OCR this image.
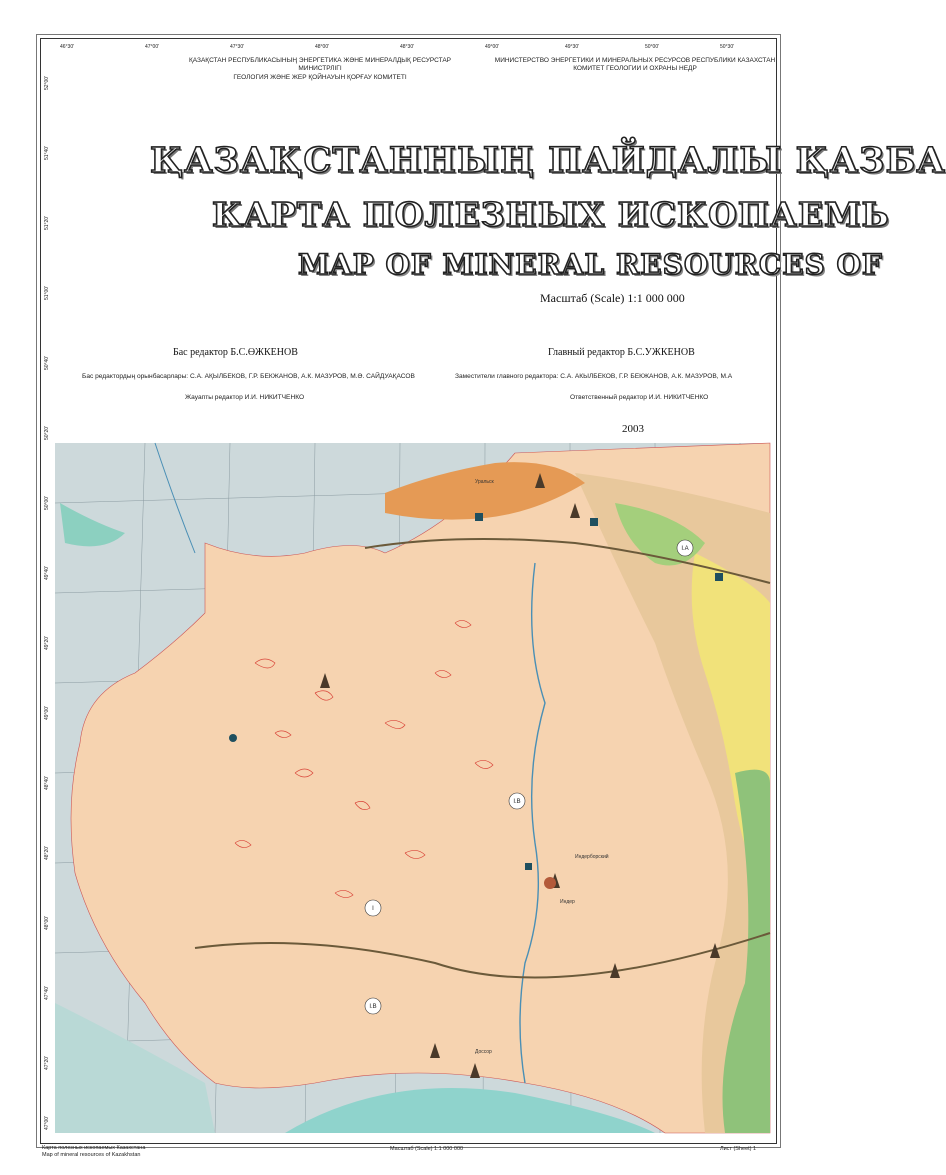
46°30'	47°00'	47°30'	48°00'	48°30'	49°00'	49°30'	50°00'	50°30'
52°00'
51°40'
51°20'
51°00'
50°40'
50°20'
50°00'
49°40'
49°20'
49°00'
48°40'
48°20'
48°00'
47°40'
47°20'
47°00'
ҚАЗАҚСТАН РЕСПУБЛИКАСЫНЫҢ ЭНЕРГЕТИКА ЖӘНЕ МИНЕРАЛДЫҚ РЕСУРСТАР МИНИСТРЛІГІ
ГЕОЛОГИЯ ЖӘНЕ ЖЕР ҚОЙНАУЫН ҚОРҒАУ КОМИТЕТІ
МИНИСТЕРСТВО ЭНЕРГЕТИКИ И МИНЕРАЛЬНЫХ РЕСУРСОВ РЕСПУБЛИКИ КАЗАХСТАН
КОМИТЕТ ГЕОЛОГИИ И ОХРАНЫ НЕДР
ҚАЗАҚСТАННЫҢ ПАЙДАЛЫ ҚАЗБА
КАРТА ПОЛЕЗНЫХ ИСКОПАЕМЬ
MAP OF MINERAL RESOURCES OF
Масштаб (Scale) 1:1 000 000
Бас редактор Б.С.ӨЖКЕНОВ	Главный редактор Б.С.УЖКЕНОВ
Бас редактордың орынбасарлары: С.А. АҚЫЛБЕКОВ, Г.Р. БЕКЖАНОВ, А.К. МАЗУРОВ, М.Ә. САЙДУАҚАСОВ	Заместители главного редактора: С.А. АКЫЛБЕКОВ, Г.Р. БЕКЖАНОВ, А.К. МАЗУРОВ, М.А
Жауапты редактор И.И. НИКИТЧЕНКО	Ответственный редактор И.И. НИКИТЧЕНКО
2003
I
I.B
I.A
I.B
Уральск
Индерборский
Индер
Доссор
Карта полезных ископаемых Казахстана
Map of mineral resources of Kazakhstan
Масштаб (Scale) 1:1 000 000	Лист (Sheet) 1
